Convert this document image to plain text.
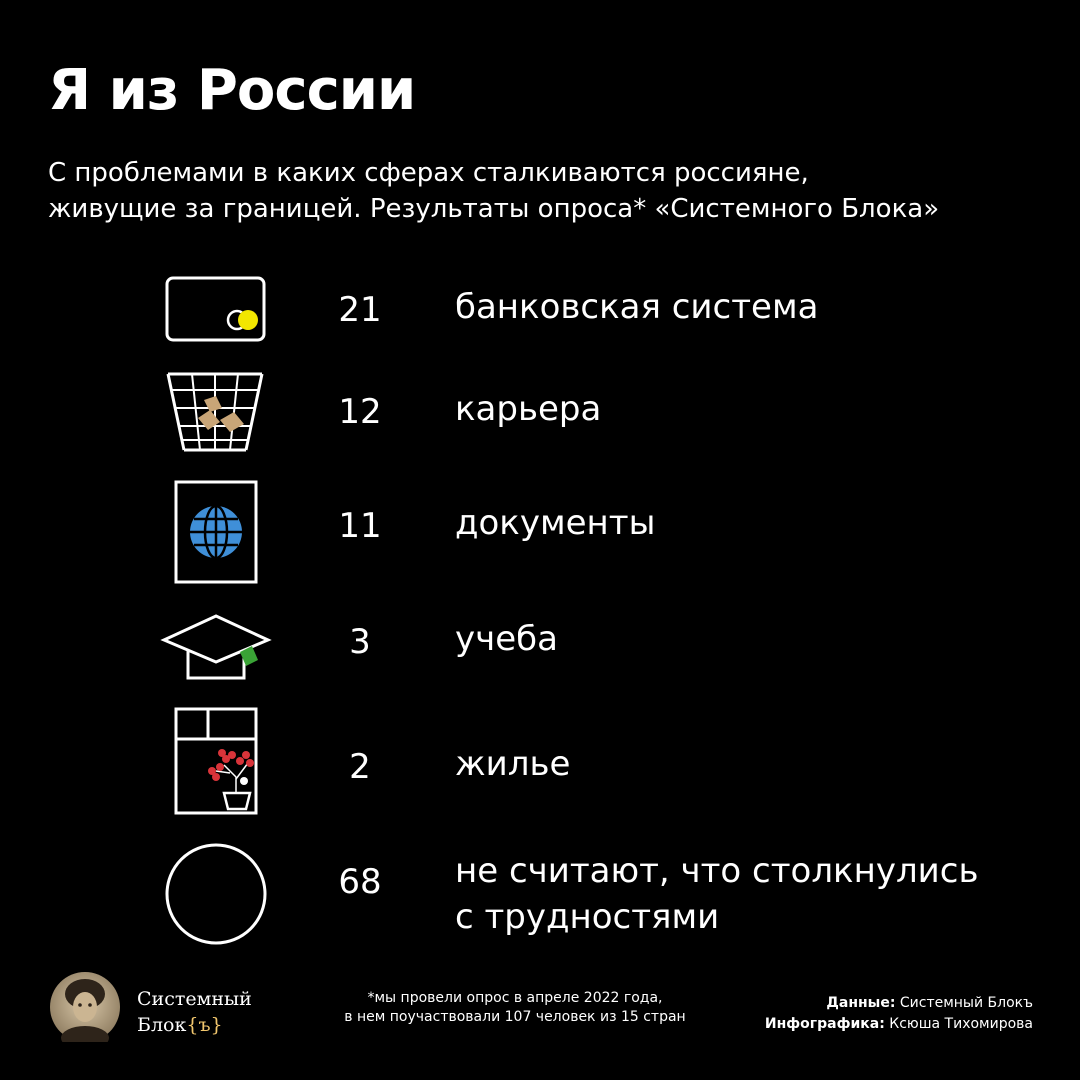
Я из России

С проблемами в каких сферах сталкиваются россияне,
живущие за границей. Результаты опроса* «Системного Блока»

21	банковская система
12	карьера
11	документы
3	учеба
2	жилье
68	не считают, что столкнулись
с трудностями
Системный
Блок{ъ}
*мы провели опрос в апреле 2022 года,
в нем поучаствовали 107 человек из 15 стран
Данные: Системный Блокъ
Инфографика: Ксюша Тихомирова
